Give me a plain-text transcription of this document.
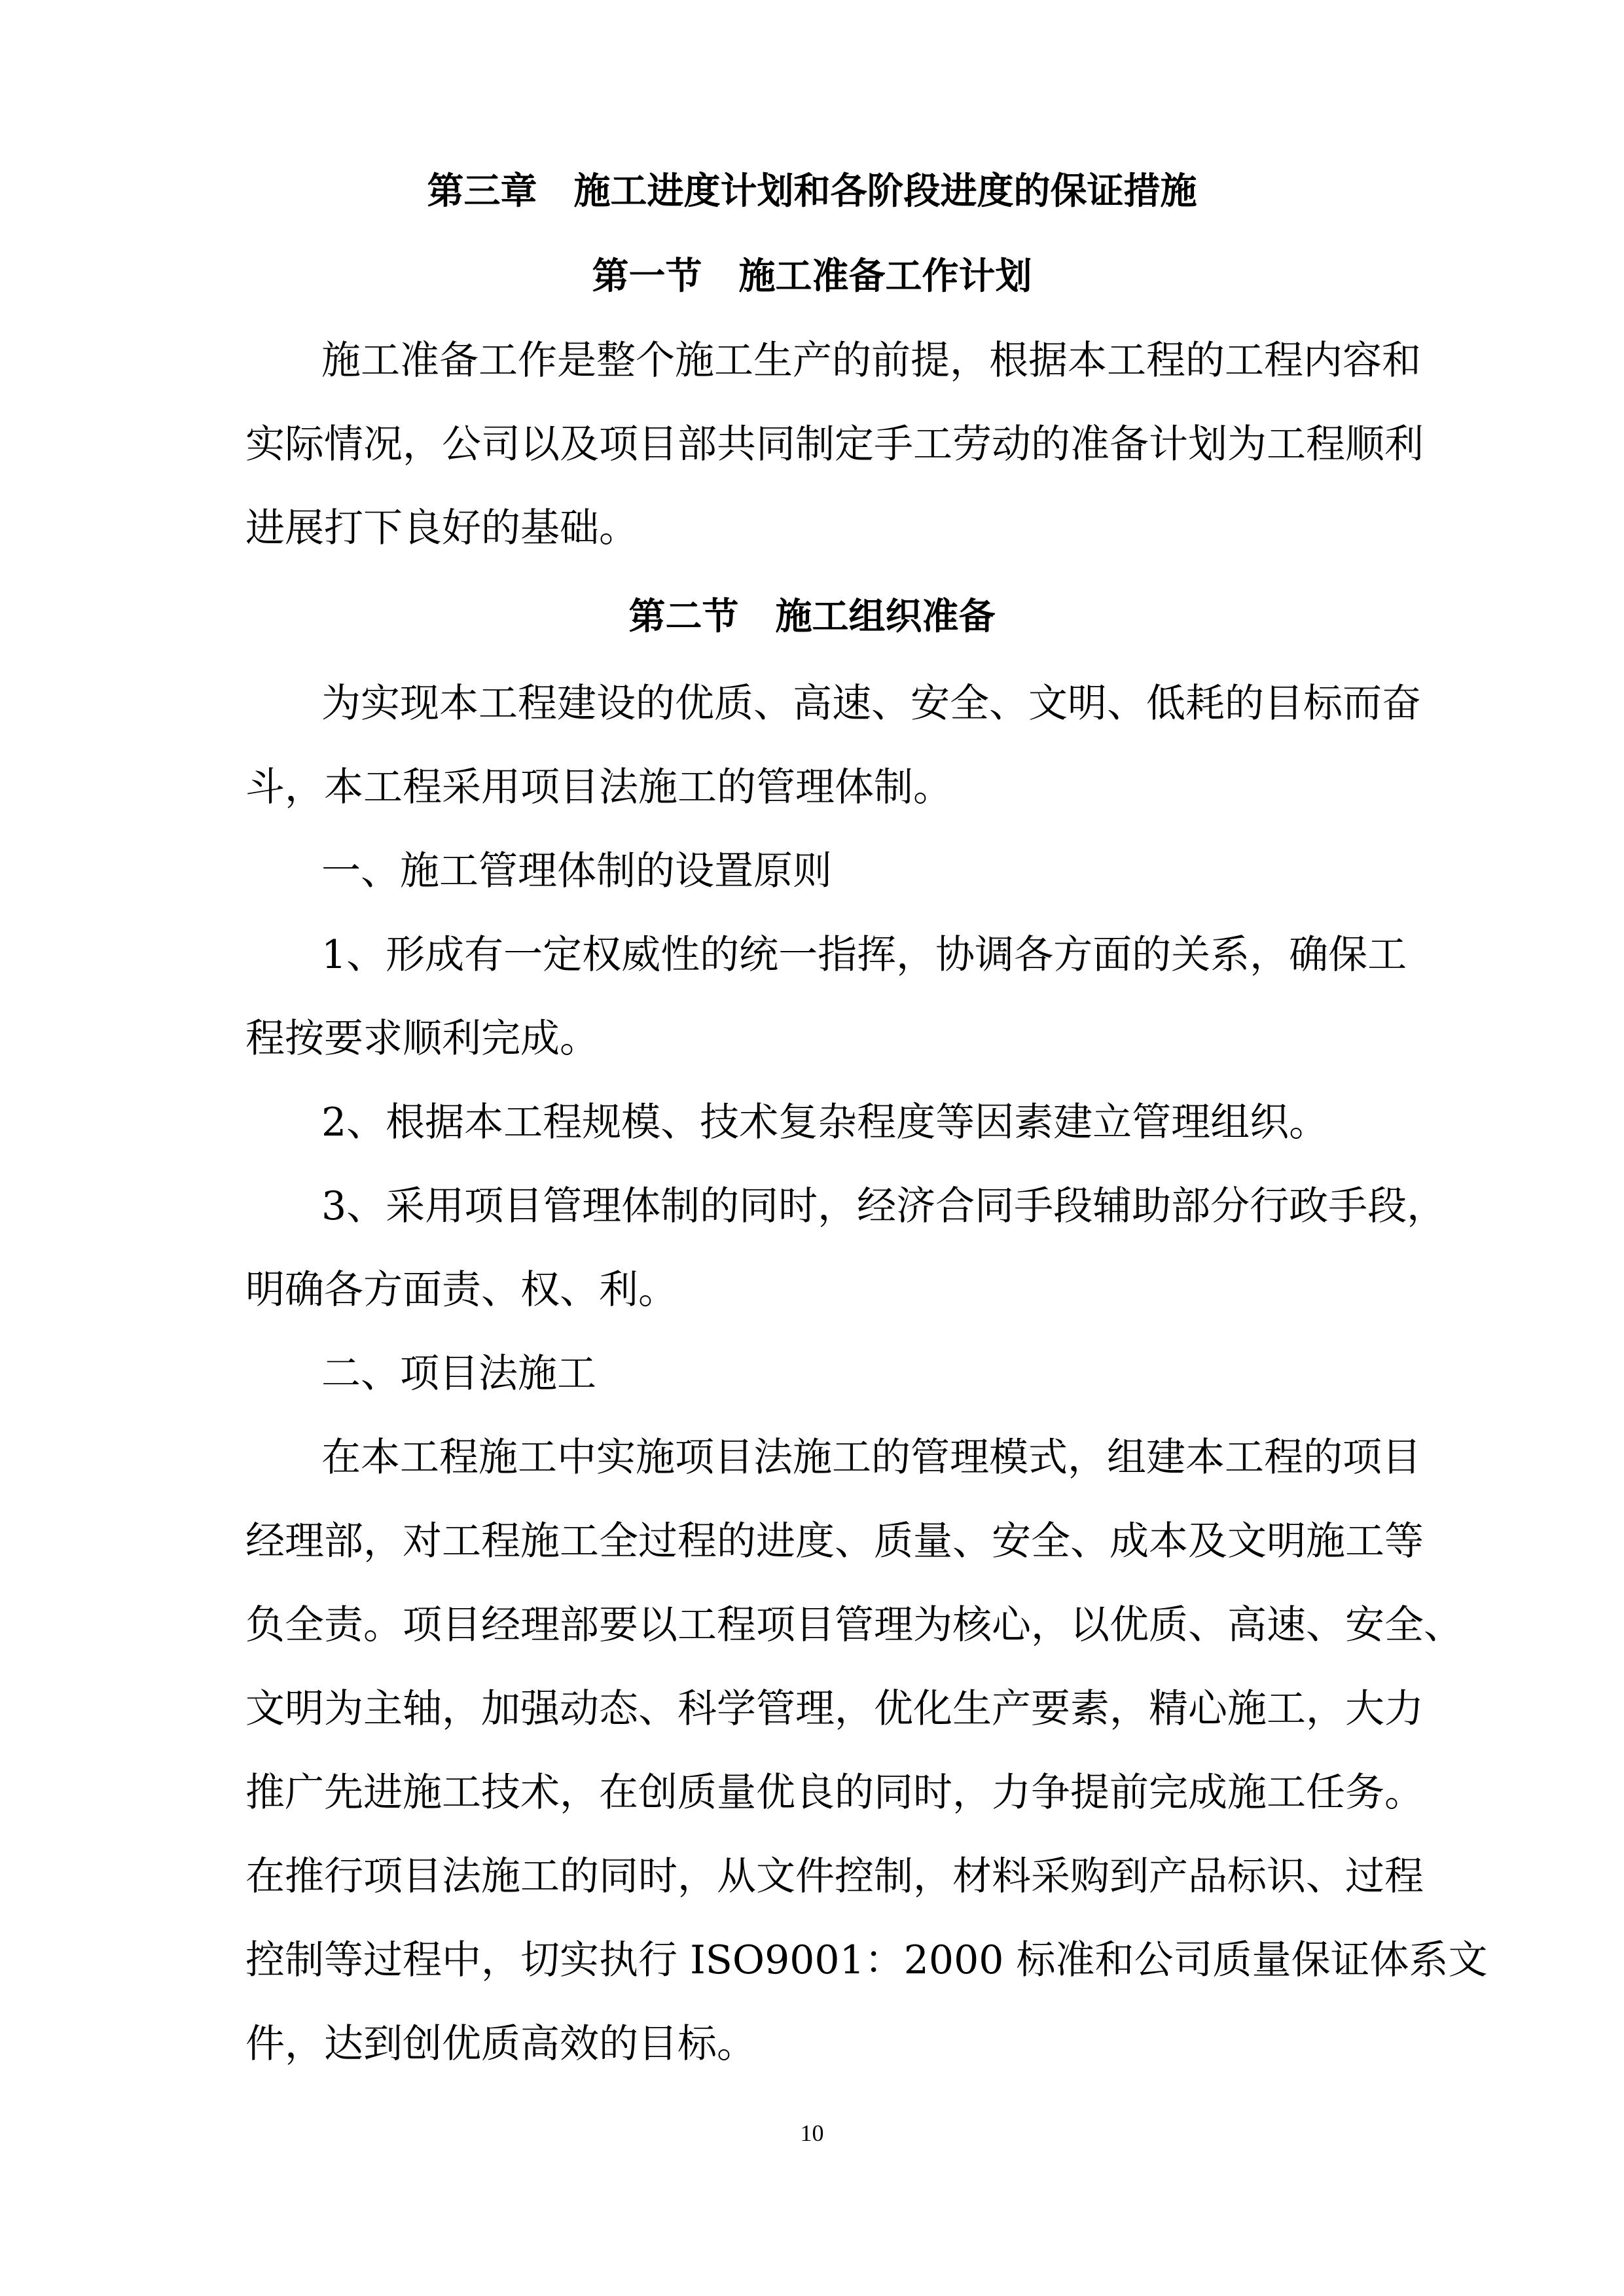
第三章　施工进度计划和各阶段进度的保证措施
第一节　施工准备工作计划
施工准备工作是整个施工生产的前提，根据本工程的工程内容和
实际情况，公司以及项目部共同制定手工劳动的准备计划为工程顺利
进展打下良好的基础。
第二节　施工组织准备
为实现本工程建设的优质、高速、安全、文明、低耗的目标而奋
斗，本工程采用项目法施工的管理体制。
一、施工管理体制的设置原则
1、形成有一定权威性的统一指挥，协调各方面的关系，确保工
程按要求顺利完成。
2、根据本工程规模、技术复杂程度等因素建立管理组织。
3、采用项目管理体制的同时，经济合同手段辅助部分行政手段，
明确各方面责、权、利。
二、项目法施工
在本工程施工中实施项目法施工的管理模式，组建本工程的项目
经理部，对工程施工全过程的进度、质量、安全、成本及文明施工等
负全责。项目经理部要以工程项目管理为核心，以优质、高速、安全、
文明为主轴，加强动态、科学管理，优化生产要素，精心施工，大力
推广先进施工技术，在创质量优良的同时，力争提前完成施工任务。
在推行项目法施工的同时，从文件控制，材料采购到产品标识、过程
控制等过程中，切实执行 ISO9001：2000 标准和公司质量保证体系文
件，达到创优质高效的目标。
10
